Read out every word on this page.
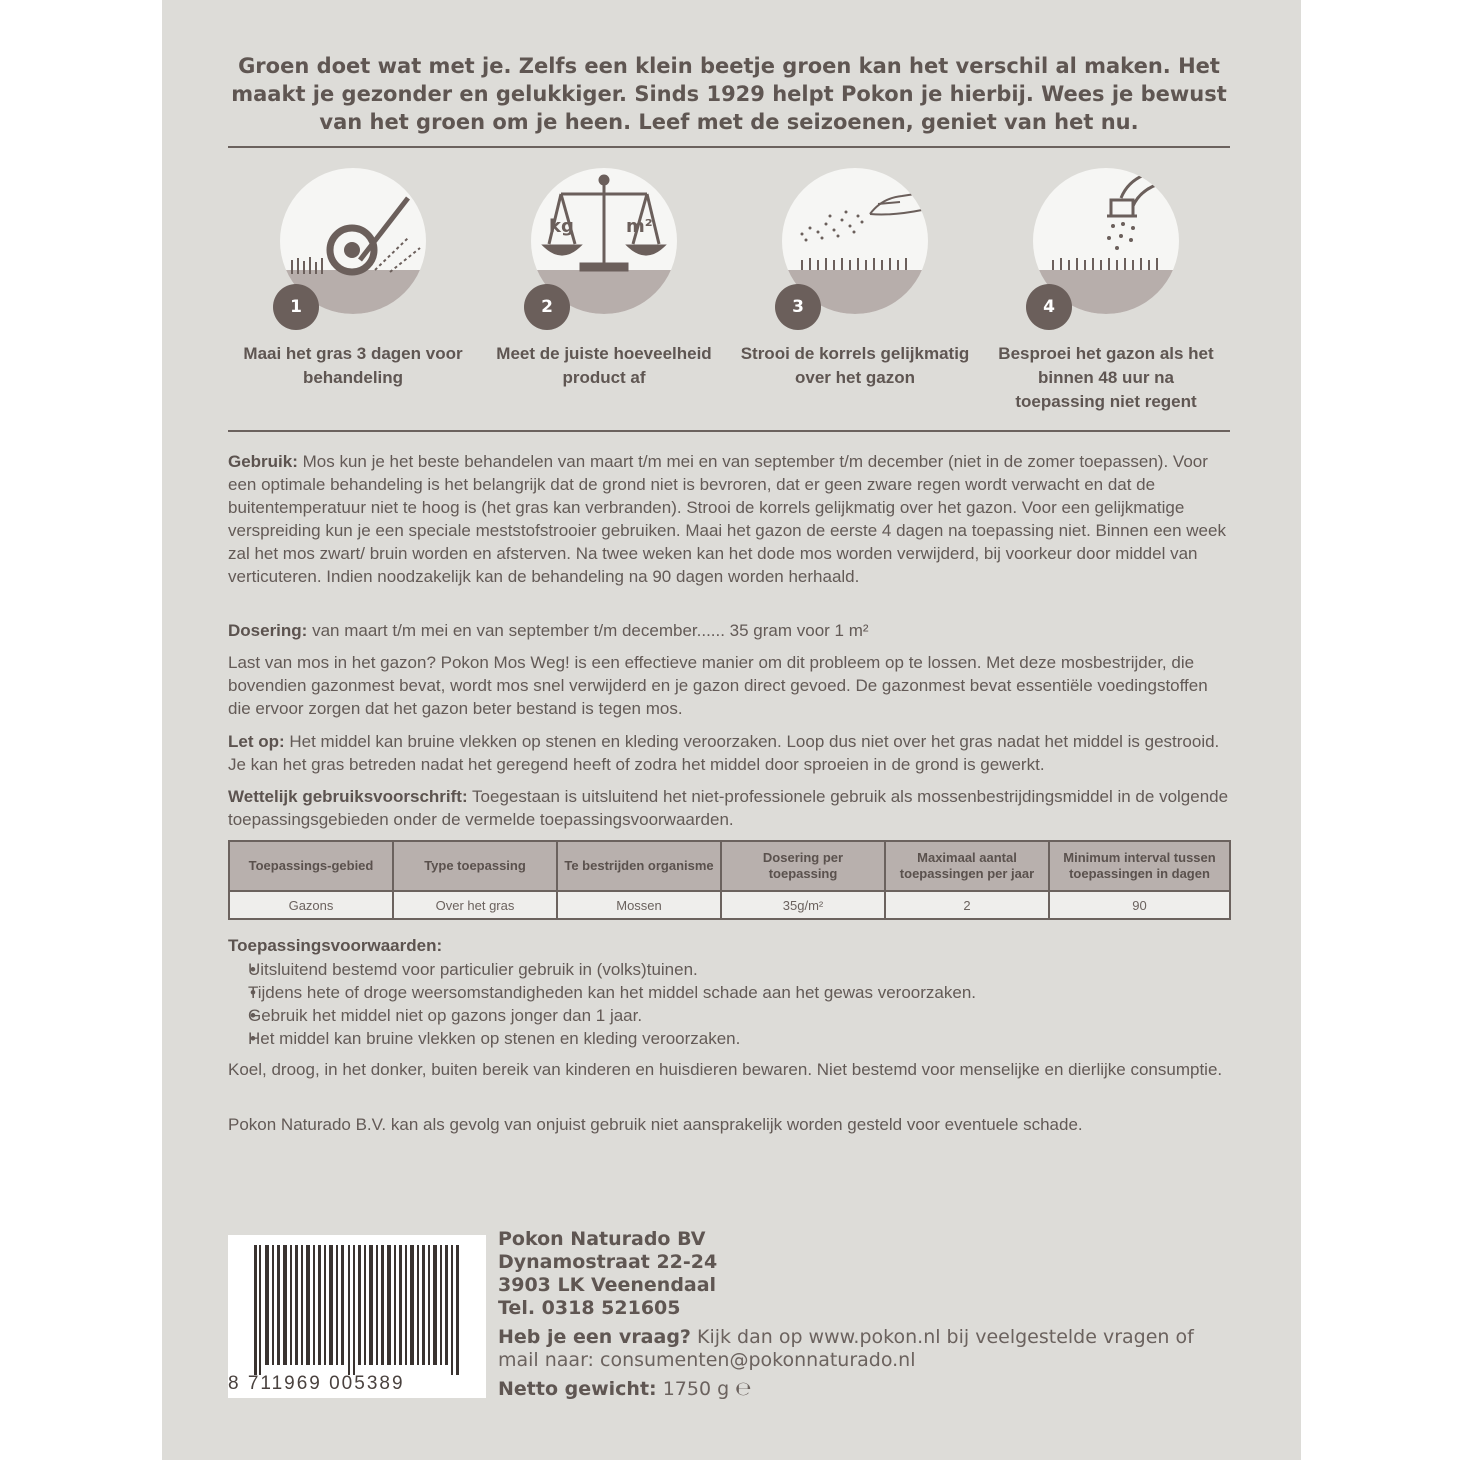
Groen doet wat met je. Zelfs een klein beetje groen kan het verschil al maken. Het maakt je gezonder en gelukkiger. Sinds 1929 helpt Pokon je hierbij. Wees je bewust van het groen om je heen. Leef met de seizoenen, geniet van het nu.

1
Maai het gras 3 dagen voor behandeling
kg	m²
2
Meet de juiste hoeveelheid product af
3
Strooi de korrels gelijkmatig over het gazon
4
Besproei het gazon als het binnen 48 uur na toepassing niet regent

Gebruik: Mos kun je het beste behandelen van maart t/m mei en van september t/m december (niet in de zomer toepassen). Voor een optimale behandeling is het belangrijk dat de grond niet is bevroren, dat er geen zware regen wordt verwacht en dat de buitentemperatuur niet te hoog is (het gras kan verbranden). Strooi de korrels gelijkmatig over het gazon. Voor een gelijkmatige verspreiding kun je een speciale meststofstrooier gebruiken. Maai het gazon de eerste 4 dagen na toepassing niet. Binnen een week zal het mos zwart/ bruin worden en afsterven. Na twee weken kan het dode mos worden verwijderd, bij voorkeur door middel van verticuteren. Indien noodzakelijk kan de behandeling na 90 dagen worden herhaald.

Dosering: van maart t/m mei en van september t/m december...... 35 gram voor 1 m²

Last van mos in het gazon? Pokon Mos Weg! is een effectieve manier om dit probleem op te lossen. Met deze mosbestrijder, die bovendien gazonmest bevat, wordt mos snel verwijderd en je gazon direct gevoed. De gazonmest bevat essentiële voedingstoffen die ervoor zorgen dat het gazon beter bestand is tegen mos.

Let op: Het middel kan bruine vlekken op stenen en kleding veroorzaken. Loop dus niet over het gras nadat het middel is gestrooid. Je kan het gras betreden nadat het geregend heeft of zodra het middel door sproeien in de grond is gewerkt.

Wettelijk gebruiksvoorschrift: Toegestaan is uitsluitend het niet-professionele gebruik als mossenbestrijdingsmiddel in de volgende toepassingsgebieden onder de vermelde toepassingsvoorwaarden.

Toepassings-gebied	Type toepassing	Te bestrijden organisme	Dosering per toepassing	Maximaal aantal toepassingen per jaar	Minimum interval tussen toepassingen in dagen
Gazons	Over het gras	Mossen	35g/m²	2	90

Toepassingsvoorwaarden:

• Uitsluitend bestemd voor particulier gebruik in (volks)tuinen.
• Tijdens hete of droge weersomstandigheden kan het middel schade aan het gewas veroorzaken.
• Gebruik het middel niet op gazons jonger dan 1 jaar.
• Het middel kan bruine vlekken op stenen en kleding veroorzaken.

Koel, droog, in het donker, buiten bereik van kinderen en huisdieren bewaren. Niet bestemd voor menselijke en dierlijke consumptie.

Pokon Naturado B.V. kan als gevolg van onjuist gebruik niet aansprakelijk worden gesteld voor eventuele schade.

8 711969 005389
Pokon Naturado BV
Dynamostraat 22-24
3903 LK Veenendaal
Tel. 0318 521605
Heb je een vraag? Kijk dan op www.pokon.nl bij veelgestelde vragen of mail naar: consumenten@pokonnaturado.nl
Netto gewicht: 1750 g ℮
